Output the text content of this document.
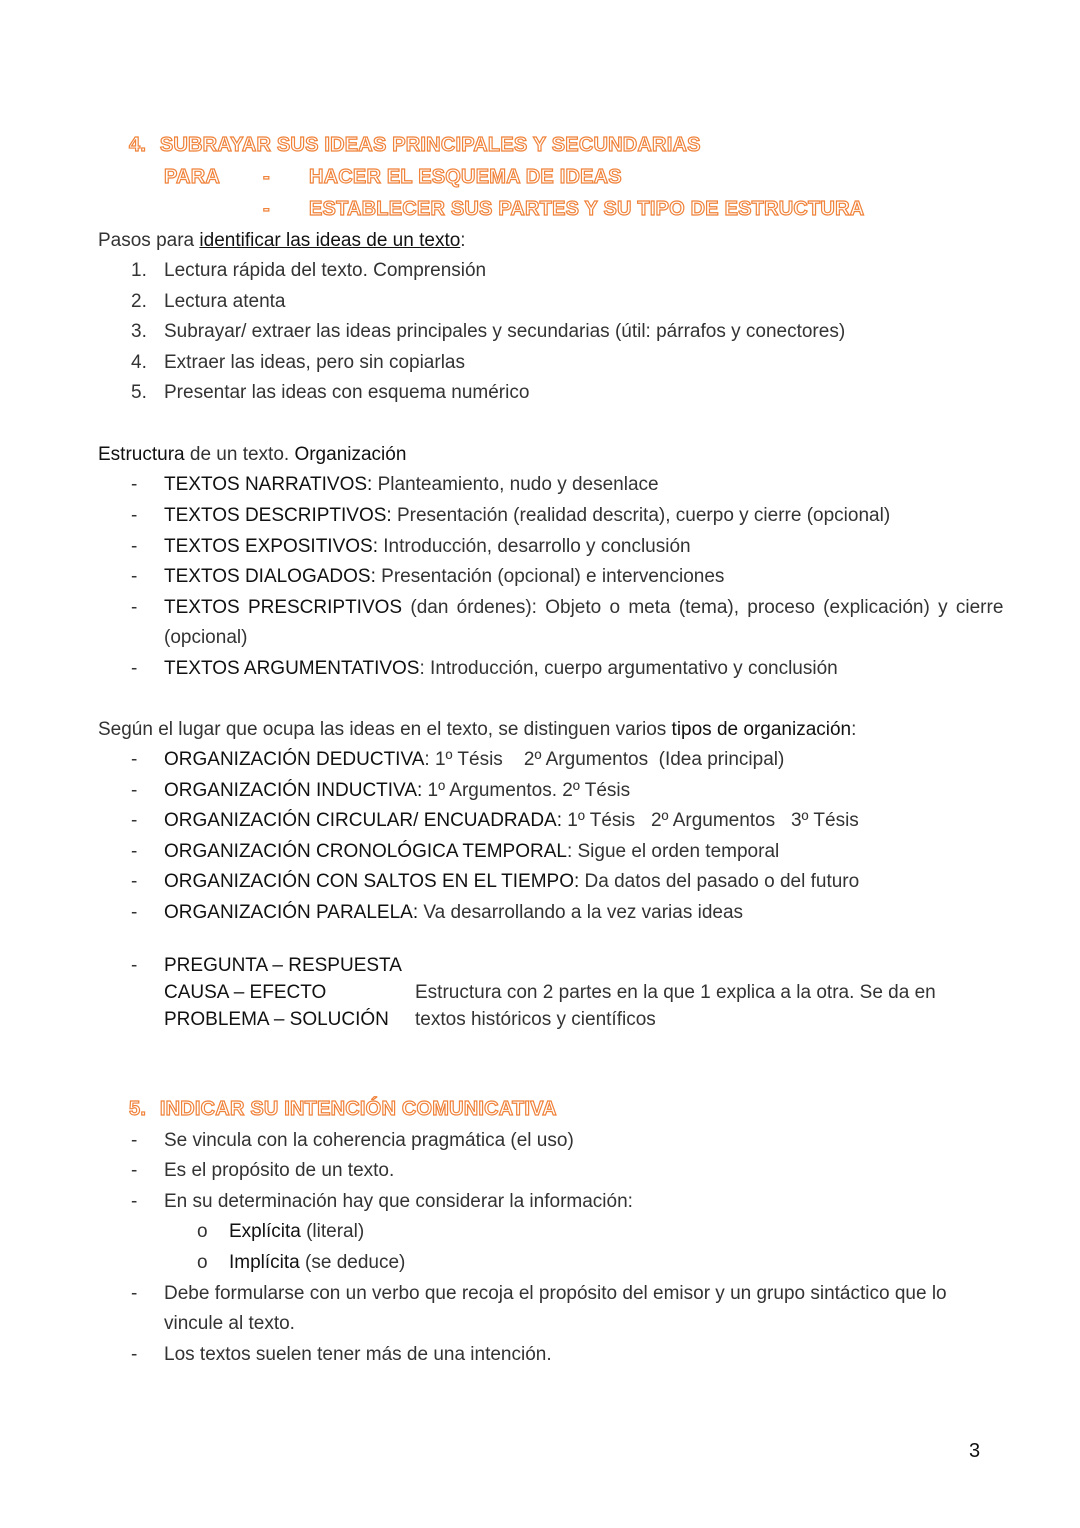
4. SUBRAYAR SUS IDEAS PRINCIPALES Y SECUNDARIAS
PARA - HACER EL ESQUEMA DE IDEAS
- ESTABLECER SUS PARTES Y SU TIPO DE ESTRUCTURA
Pasos para identificar las ideas de un texto:
1. Lectura rápida del texto. Comprensión
2. Lectura atenta
3. Subrayar/ extraer las ideas principales y secundarias (útil: párrafos y conectores)
4. Extraer las ideas, pero sin copiarlas
5. Presentar las ideas con esquema numérico
Estructura de un texto. Organización
- TEXTOS NARRATIVOS: Planteamiento, nudo y desenlace
- TEXTOS DESCRIPTIVOS: Presentación (realidad descrita), cuerpo y cierre (opcional)
- TEXTOS EXPOSITIVOS: Introducción, desarrollo y conclusión
- TEXTOS DIALOGADOS: Presentación (opcional) e intervenciones
- TEXTOS PRESCRIPTIVOS (dan órdenes): Objeto o meta (tema), proceso (explicación) y cierre
(opcional)
- TEXTOS ARGUMENTATIVOS: Introducción, cuerpo argumentativo y conclusión
Según el lugar que ocupa las ideas en el texto, se distinguen varios tipos de organización:
- ORGANIZACIÓN DEDUCTIVA: 1º Tésis    2º Argumentos  (Idea principal)
- ORGANIZACIÓN INDUCTIVA: 1º Argumentos. 2º Tésis
- ORGANIZACIÓN CIRCULAR/ ENCUADRADA: 1º Tésis   2º Argumentos   3º Tésis
- ORGANIZACIÓN CRONOLÓGICA TEMPORAL: Sigue el orden temporal
- ORGANIZACIÓN CON SALTOS EN EL TIEMPO: Da datos del pasado o del futuro
- ORGANIZACIÓN PARALELA: Va desarrollando a la vez varias ideas
- PREGUNTA – RESPUESTA
CAUSA – EFECTO
PROBLEMA – SOLUCIÓN
Estructura con 2 partes en la que 1 explica a la otra. Se da en
textos históricos y científicos
5. INDICAR SU INTENCIÓN COMUNICATIVA
- Se vincula con la coherencia pragmática (el uso)
- Es el propósito de un texto.
- En su determinación hay que considerar la información:
o Explícita (literal)
o Implícita (se deduce)
- Debe formularse con un verbo que recoja el propósito del emisor y un grupo sintáctico que lo
vincule al texto.
- Los textos suelen tener más de una intención.
3
